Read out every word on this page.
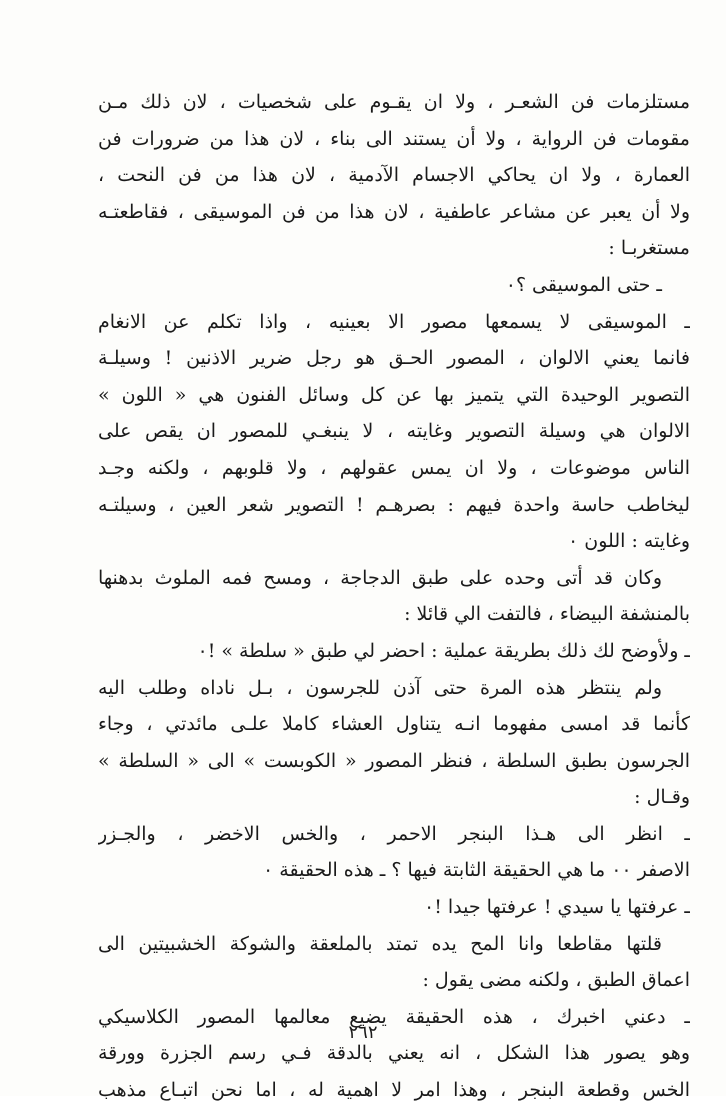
مستلزمات فن الشعـر ، ولا ان يقـوم على شخصيات ، لان ذلك مـن
مقومات فن الرواية ، ولا أن يستند الى بناء ، لان هذا من ضرورات فن
العمارة ، ولا ان يحاكي الاجسام الآدمية ، لان هذا من فن النحت ،
ولا أن يعبر عن مشاعر عاطفية ، لان هذا من فن الموسيقى ، فقاطعتـه
مستغربـا :
ـ حتى الموسيقى ؟٠
ـ الموسيقى لا يسمعها مصور الا بعينيه ، واذا تكلم عن الانغام
فانما يعني الالوان ، المصور الحـق هو رجل ضرير الاذنين ! وسيلـة
التصوير الوحيدة التي يتميز بها عن كل وسائل الفنون هي « اللون »
الالوان هي وسيلة التصوير وغايته ، لا ينبغـي للمصور ان يقص على
الناس موضوعات ، ولا ان يمس عقولهم ، ولا قلوبهم ، ولكنه وجـد
ليخاطب حاسة واحدة فيهم : بصرهـم ! التصوير شعر العين ، وسيلتـه
وغايته : اللون ٠
وكان قد أتى وحده على طبق الدجاجة ، ومسح فمه الملوث بدهنها
بالمنشفة البيضاء ، فالتفت الي قائلا :
ـ ولأوضح لك ذلك بطريقة عملية : احضر لي طبق « سلطة » !٠
ولم ينتظر هذه المرة حتى آذن للجرسون ، بـل ناداه وطلب اليه
كأنما قد امسى مفهوما انـه يتناول العشاء كاملا علـى مائدتي ، وجاء
الجرسون بطبق السلطة ، فنظر المصور « الكوبست » الى « السلطة »
وقـال :
ـ انظر الى هـذا البنجر الاحمر ، والخس الاخضر ، والجـزر
الاصفر ٠٠ ما هي الحقيقة الثابتة فيها ؟ ـ هذه الحقيقة ٠
ـ عرفتها يا سيدي ! عرفتها جيدا !٠
قلتها مقاطعا وانا المح يده تمتد بالملعقة والشوكة الخشبيتين الى
اعماق الطبق ، ولكنه مضى يقول :
ـ دعني اخبرك ، هذه الحقيقة يضيع معالمها المصور الكلاسيكي
وهو يصور هذا الشكل ، انه يعني بالدقة فـي رسم الجزرة وورقة
الخس وقطعة البنجر ، وهذا امر لا اهمية له ، اما نحن اتبـاع مذهب
٢٦٢
